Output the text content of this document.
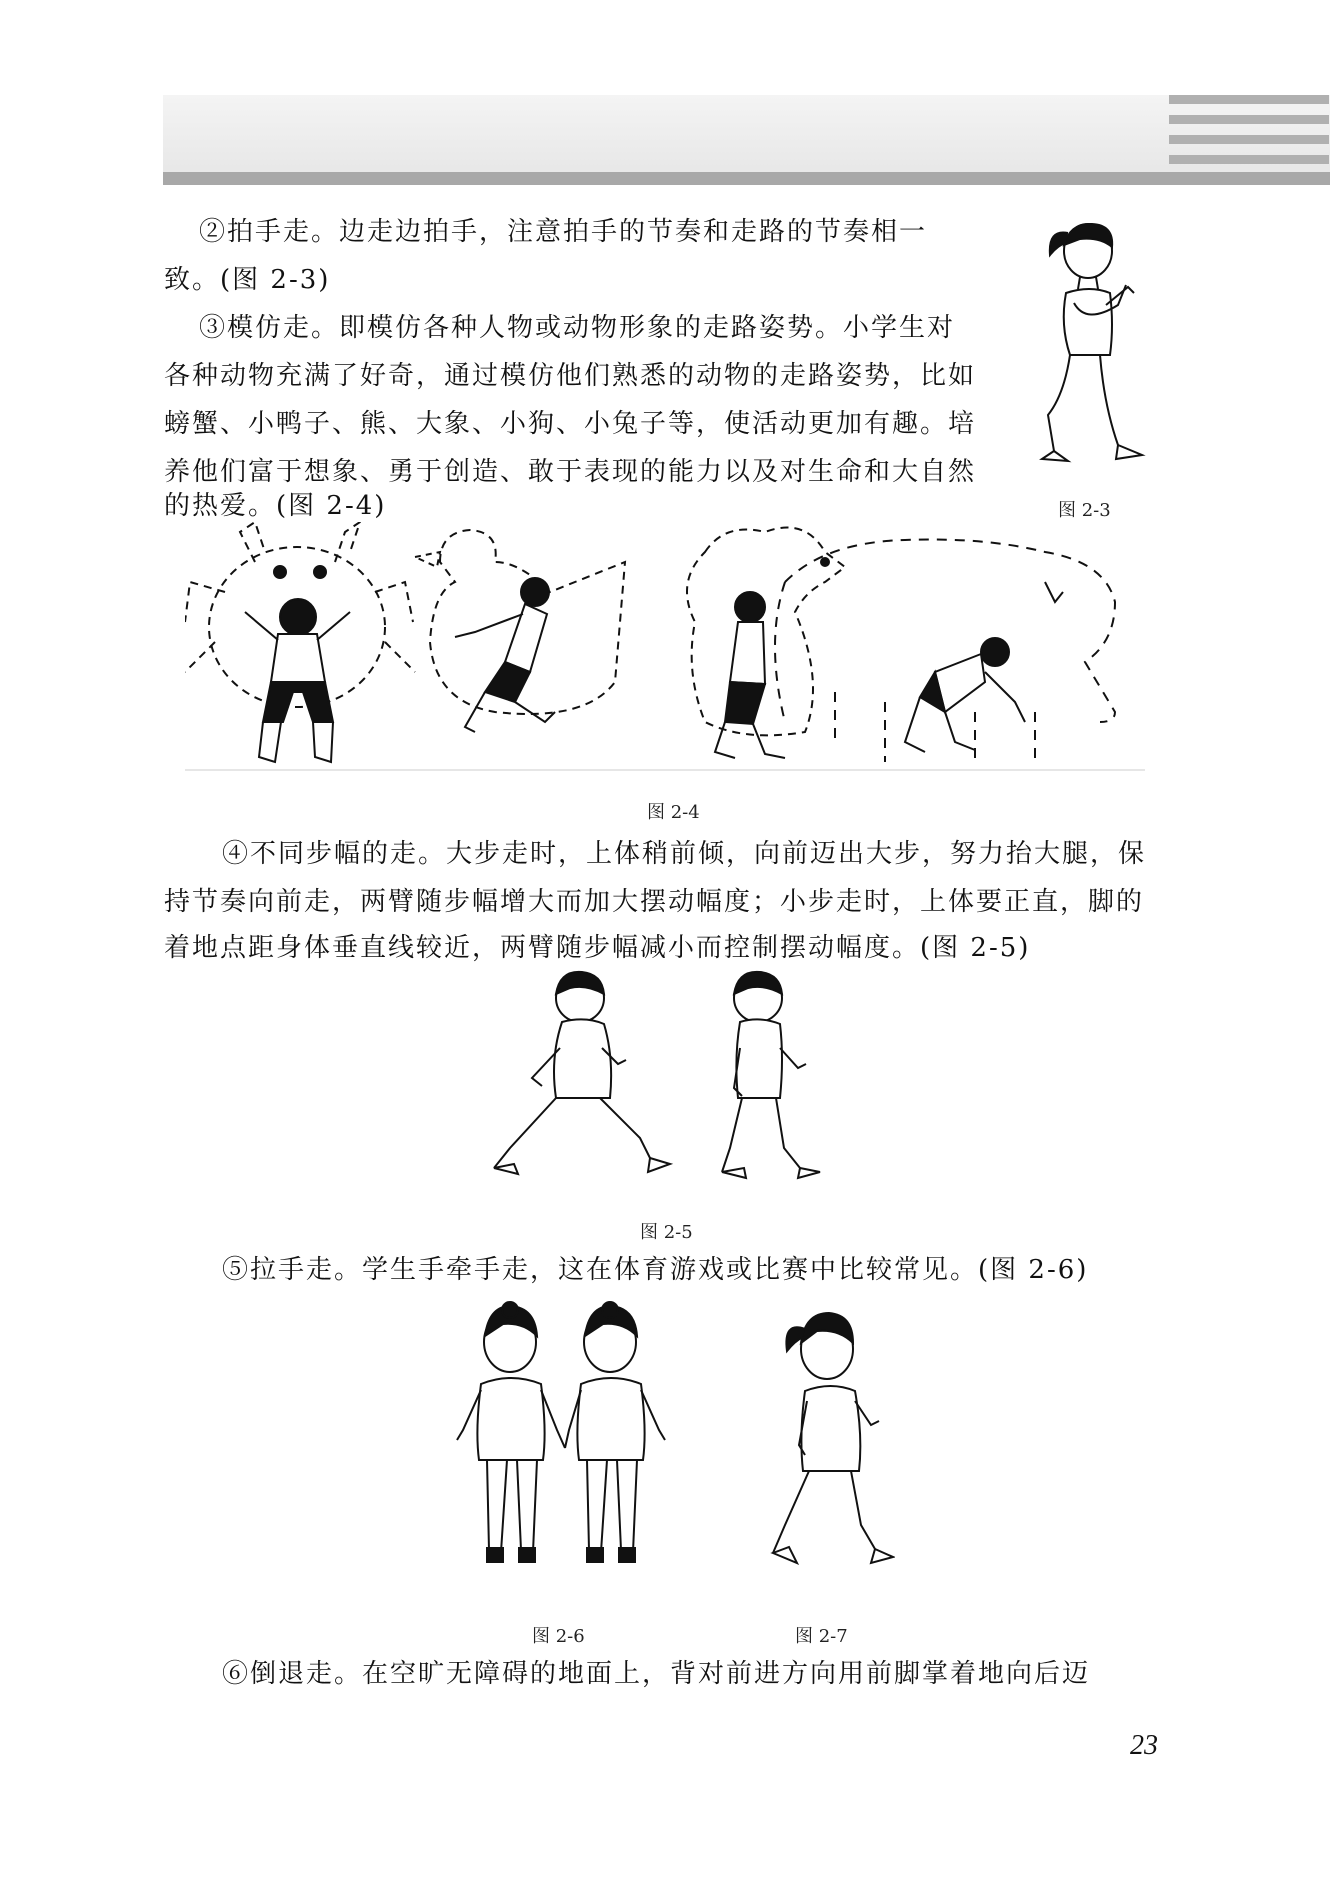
②拍手走。边走边拍手，注意拍手的节奏和走路的节奏相一

致。(图 2-3)

③模仿走。即模仿各种人物或动物形象的走路姿势。小学生对

各种动物充满了好奇，通过模仿他们熟悉的动物的走路姿势，比如

螃蟹、小鸭子、熊、大象、小狗、小兔子等，使活动更加有趣。培

养他们富于想象、勇于创造、敢于表现的能力以及对生命和大自然

的热爱。(图 2-4)	图 2-3
图 2-4

④不同步幅的走。大步走时，上体稍前倾，向前迈出大步，努力抬大腿，保

持节奏向前走，两臂随步幅增大而加大摆动幅度；小步走时，上体要正直，脚的

着地点距身体垂直线较近，两臂随步幅减小而控制摆动幅度。(图 2-5)

图 2-5

⑤拉手走。学生手牵手走，这在体育游戏或比赛中比较常见。(图 2-6)

图 2-6	图 2-7

⑥倒退走。在空旷无障碍的地面上，背对前进方向用前脚掌着地向后迈

23
